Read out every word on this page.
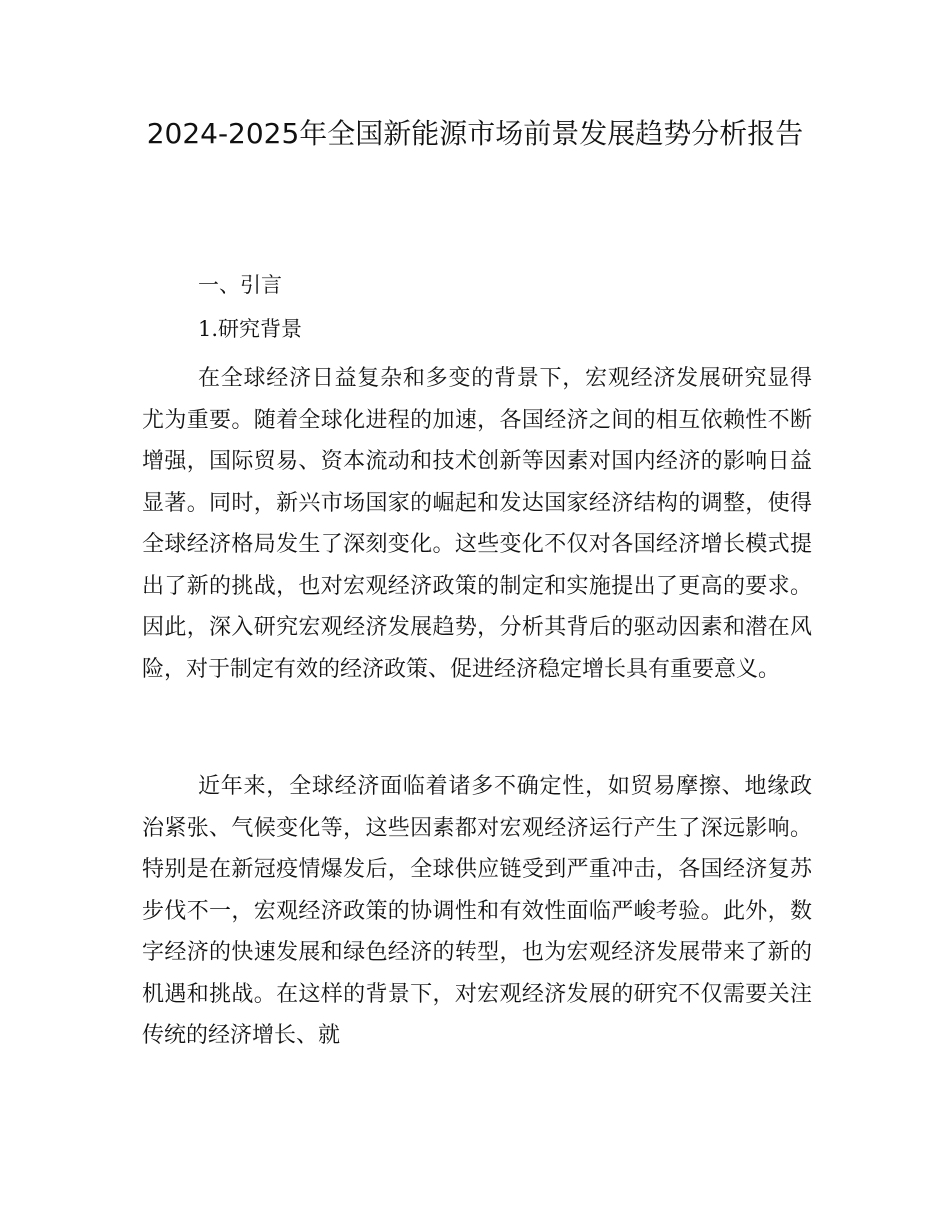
2024-2025年全国新能源市场前景发展趋势分析报告

一、引言

1.研究背景

在全球经济日益复杂和多变的背景下，宏观经济发展研究显得尤为重要。随着全球化进程的加速，各国经济之间的相互依赖性不断增强，国际贸易、资本流动和技术创新等因素对国内经济的影响日益显著。同时，新兴市场国家的崛起和发达国家经济结构的调整，使得全球经济格局发生了深刻变化。这些变化不仅对各国经济增长模式提出了新的挑战，也对宏观经济政策的制定和实施提出了更高的要求。因此，深入研究宏观经济发展趋势，分析其背后的驱动因素和潜在风险，对于制定有效的经济政策、促进经济稳定增长具有重要意义。

近年来，全球经济面临着诸多不确定性，如贸易摩擦、地缘政治紧张、气候变化等，这些因素都对宏观经济运行产生了深远影响。特别是在新冠疫情爆发后，全球供应链受到严重冲击，各国经济复苏步伐不一，宏观经济政策的协调性和有效性面临严峻考验。此外，数字经济的快速发展和绿色经济的转型，也为宏观经济发展带来了新的机遇和挑战。在这样的背景下，对宏观经济发展的研究不仅需要关注传统的经济增长、就
